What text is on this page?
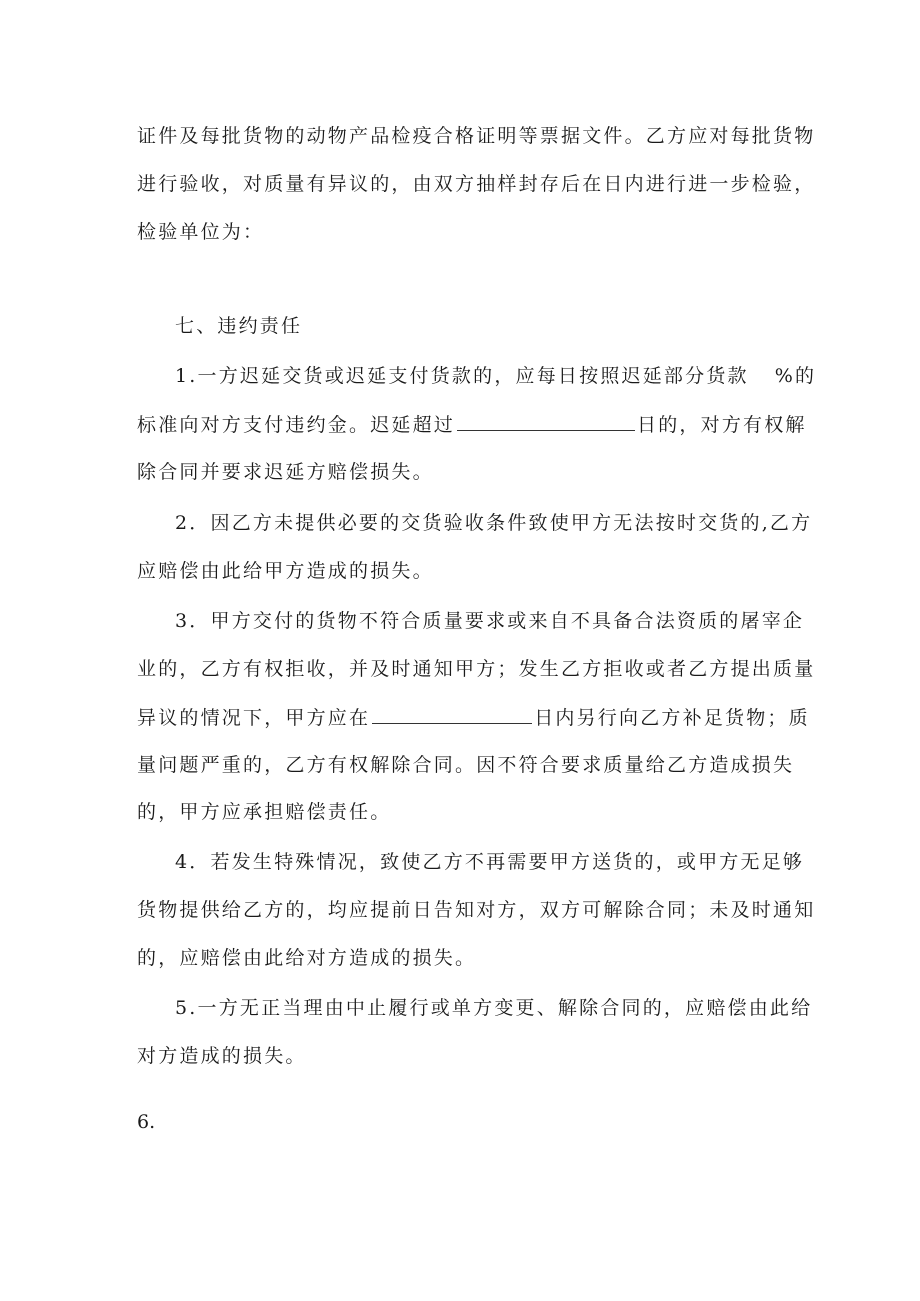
证件及每批货物的动物产品检疫合格证明等票据文件。乙方应对每批货物

进行验收，对质量有异议的，由双方抽样封存后在日内进行进一步检验，

检验单位为：

七、违约责任

1.一方迟延交货或迟延支付货款的，应每日按照迟延部分货款 %的

标准向对方支付违约金。迟延超过	日的，对方有权解

除合同并要求迟延方赔偿损失。

2．因乙方未提供必要的交货验收条件致使甲方无法按时交货的,乙方

应赔偿由此给甲方造成的损失。

3．甲方交付的货物不符合质量要求或来自不具备合法资质的屠宰企

业的，乙方有权拒收，并及时通知甲方；发生乙方拒收或者乙方提出质量

异议的情况下，甲方应在	日内另行向乙方补足货物；质

量问题严重的，乙方有权解除合同。因不符合要求质量给乙方造成损失

的，甲方应承担赔偿责任。

4．若发生特殊情况，致使乙方不再需要甲方送货的，或甲方无足够

货物提供给乙方的，均应提前日告知对方，双方可解除合同；未及时通知

的，应赔偿由此给对方造成的损失。

5.一方无正当理由中止履行或单方变更、解除合同的，应赔偿由此给

对方造成的损失。

6.
